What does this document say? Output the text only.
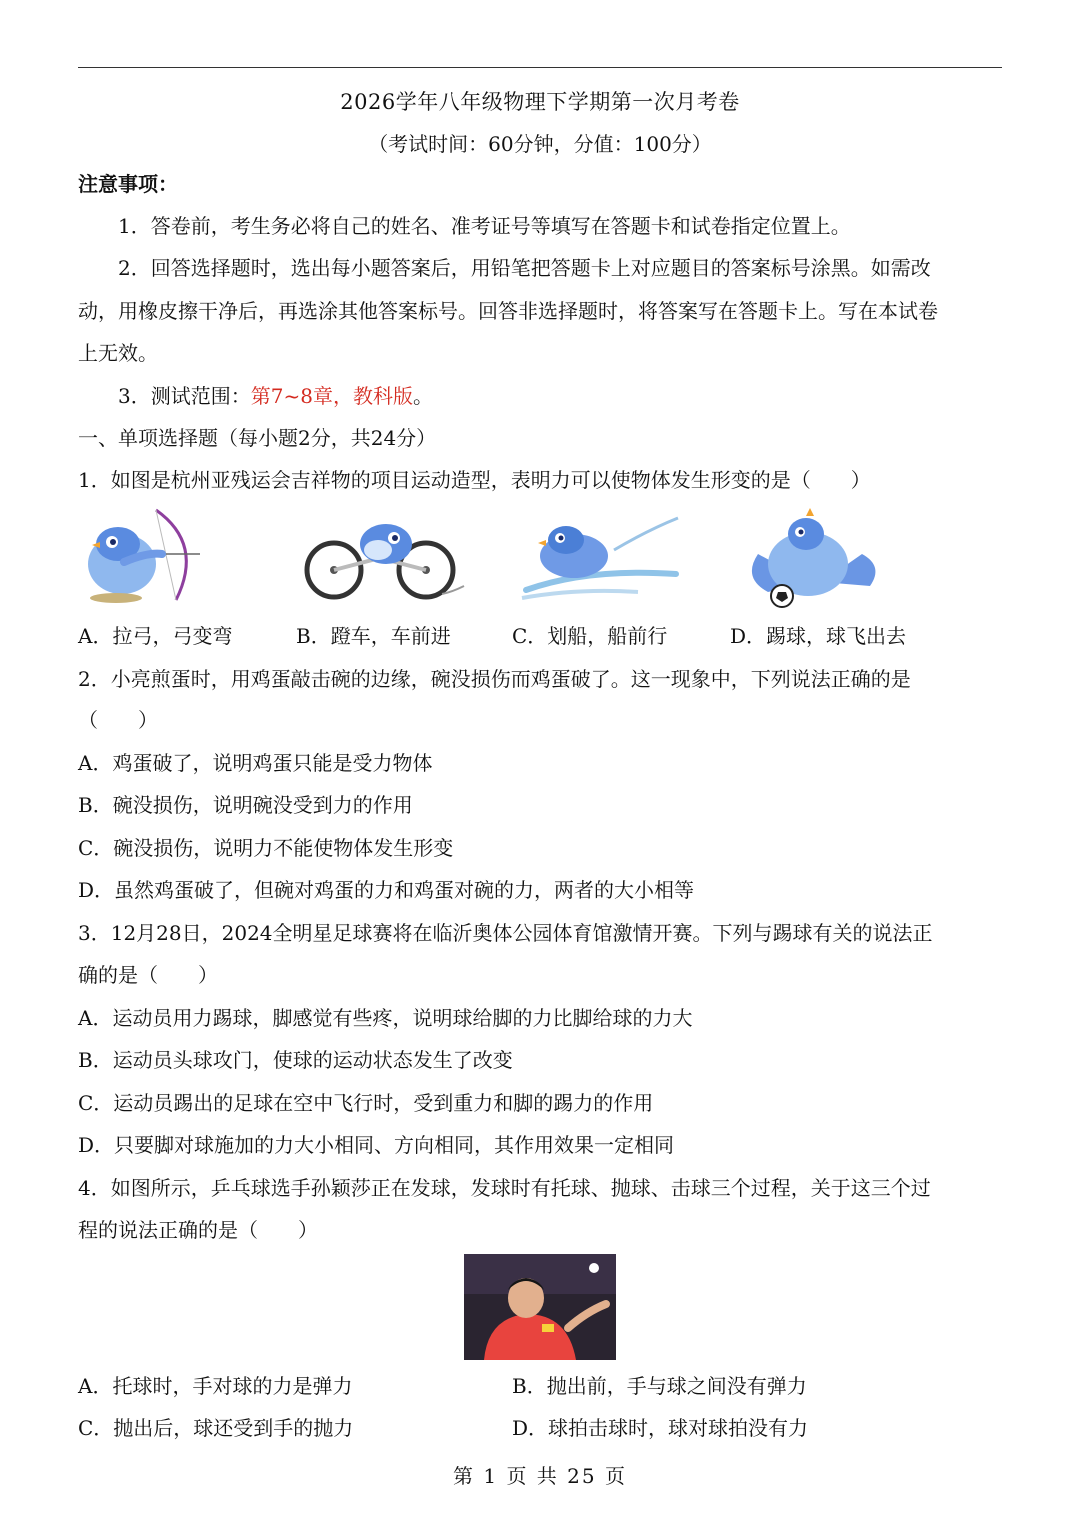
2026学年八年级物理下学期第一次月考卷
（考试时间：60分钟，分值：100分）
注意事项：
1．答卷前，考生务必将自己的姓名、准考证号等填写在答题卡和试卷指定位置上。
2．回答选择题时，选出每小题答案后，用铅笔把答题卡上对应题目的答案标号涂黑。如需改
动，用橡皮擦干净后，再选涂其他答案标号。回答非选择题时，将答案写在答题卡上。写在本试卷
上无效。
3．测试范围：第7~8章，教科版。
一、单项选择题（每小题2分，共24分）
1．如图是杭州亚残运会吉祥物的项目运动造型，表明力可以使物体发生形变的是（　　）
A．拉弓，弓变弯	B．蹬车，车前进	C．划船，船前行	D．踢球，球飞出去
2．小亮煎蛋时，用鸡蛋敲击碗的边缘，碗没损伤而鸡蛋破了。这一现象中，下列说法正确的是
（　　）
A．鸡蛋破了，说明鸡蛋只能是受力物体
B．碗没损伤，说明碗没受到力的作用
C．碗没损伤，说明力不能使物体发生形变
D．虽然鸡蛋破了，但碗对鸡蛋的力和鸡蛋对碗的力，两者的大小相等
3．12月28日，2024全明星足球赛将在临沂奥体公园体育馆激情开赛。下列与踢球有关的说法正
确的是（　　）
A．运动员用力踢球，脚感觉有些疼，说明球给脚的力比脚给球的力大
B．运动员头球攻门，使球的运动状态发生了改变
C．运动员踢出的足球在空中飞行时，受到重力和脚的踢力的作用
D．只要脚对球施加的力大小相同、方向相同，其作用效果一定相同
4．如图所示，乒乓球选手孙颖莎正在发球，发球时有托球、抛球、击球三个过程，关于这三个过
程的说法正确的是（　　）
A．托球时，手对球的力是弹力	B．抛出前，手与球之间没有弹力
C．抛出后，球还受到手的抛力	D．球拍击球时，球对球拍没有力
第 1 页 共 25 页
